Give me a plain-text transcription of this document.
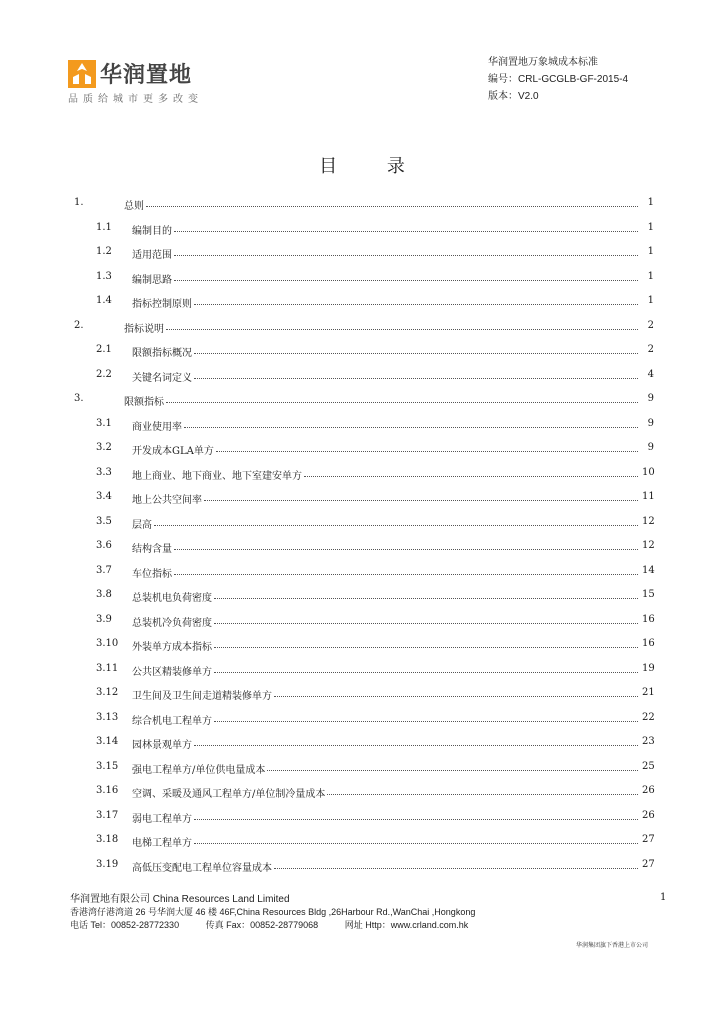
华润置地
品质给城市更多改变
华润置地万象城成本标准
编号：CRL-GCGLB-GF-2015-4
版本：V2.0
目 录
1.	总则	1
1.1 编制目的	1
1.2 适用范围	1
1.3 编制思路	1
1.4 指标控制原则	1
2.	指标说明	2
2.1 限额指标概况	2
2.2 关键名词定义	4
3.	限额指标	9
3.1 商业使用率	9
3.2 开发成本GLA单方	9
3.3 地上商业、地下商业、地下室建安单方	10
3.4 地上公共空间率	11
3.5 层高	12
3.6 结构含量	12
3.7 车位指标	14
3.8 总装机电负荷密度	15
3.9 总装机冷负荷密度	16
3.10 外装单方成本指标	16
3.11 公共区精装修单方	19
3.12 卫生间及卫生间走道精装修单方	21
3.13 综合机电工程单方	22
3.14 园林景观单方	23
3.15 强电工程单方/单位供电量成本	25
3.16 空调、采暖及通风工程单方/单位制冷量成本	26
3.17 弱电工程单方	26
3.18 电梯工程单方	27
3.19 高低压变配电工程单位容量成本	27
1
华润置地有限公司 China Resources Land Limited
香港湾仔港湾道 26 号华润大厦 46 楼 46F,China Resources Bldg ,26Harbour Rd.,WanChai ,Hongkong
电话 Tel：00852-28772330	传真 Fax：00852-28779068	网址 Http：www.crland.com.hk
华润集团旗下香港上市公司
